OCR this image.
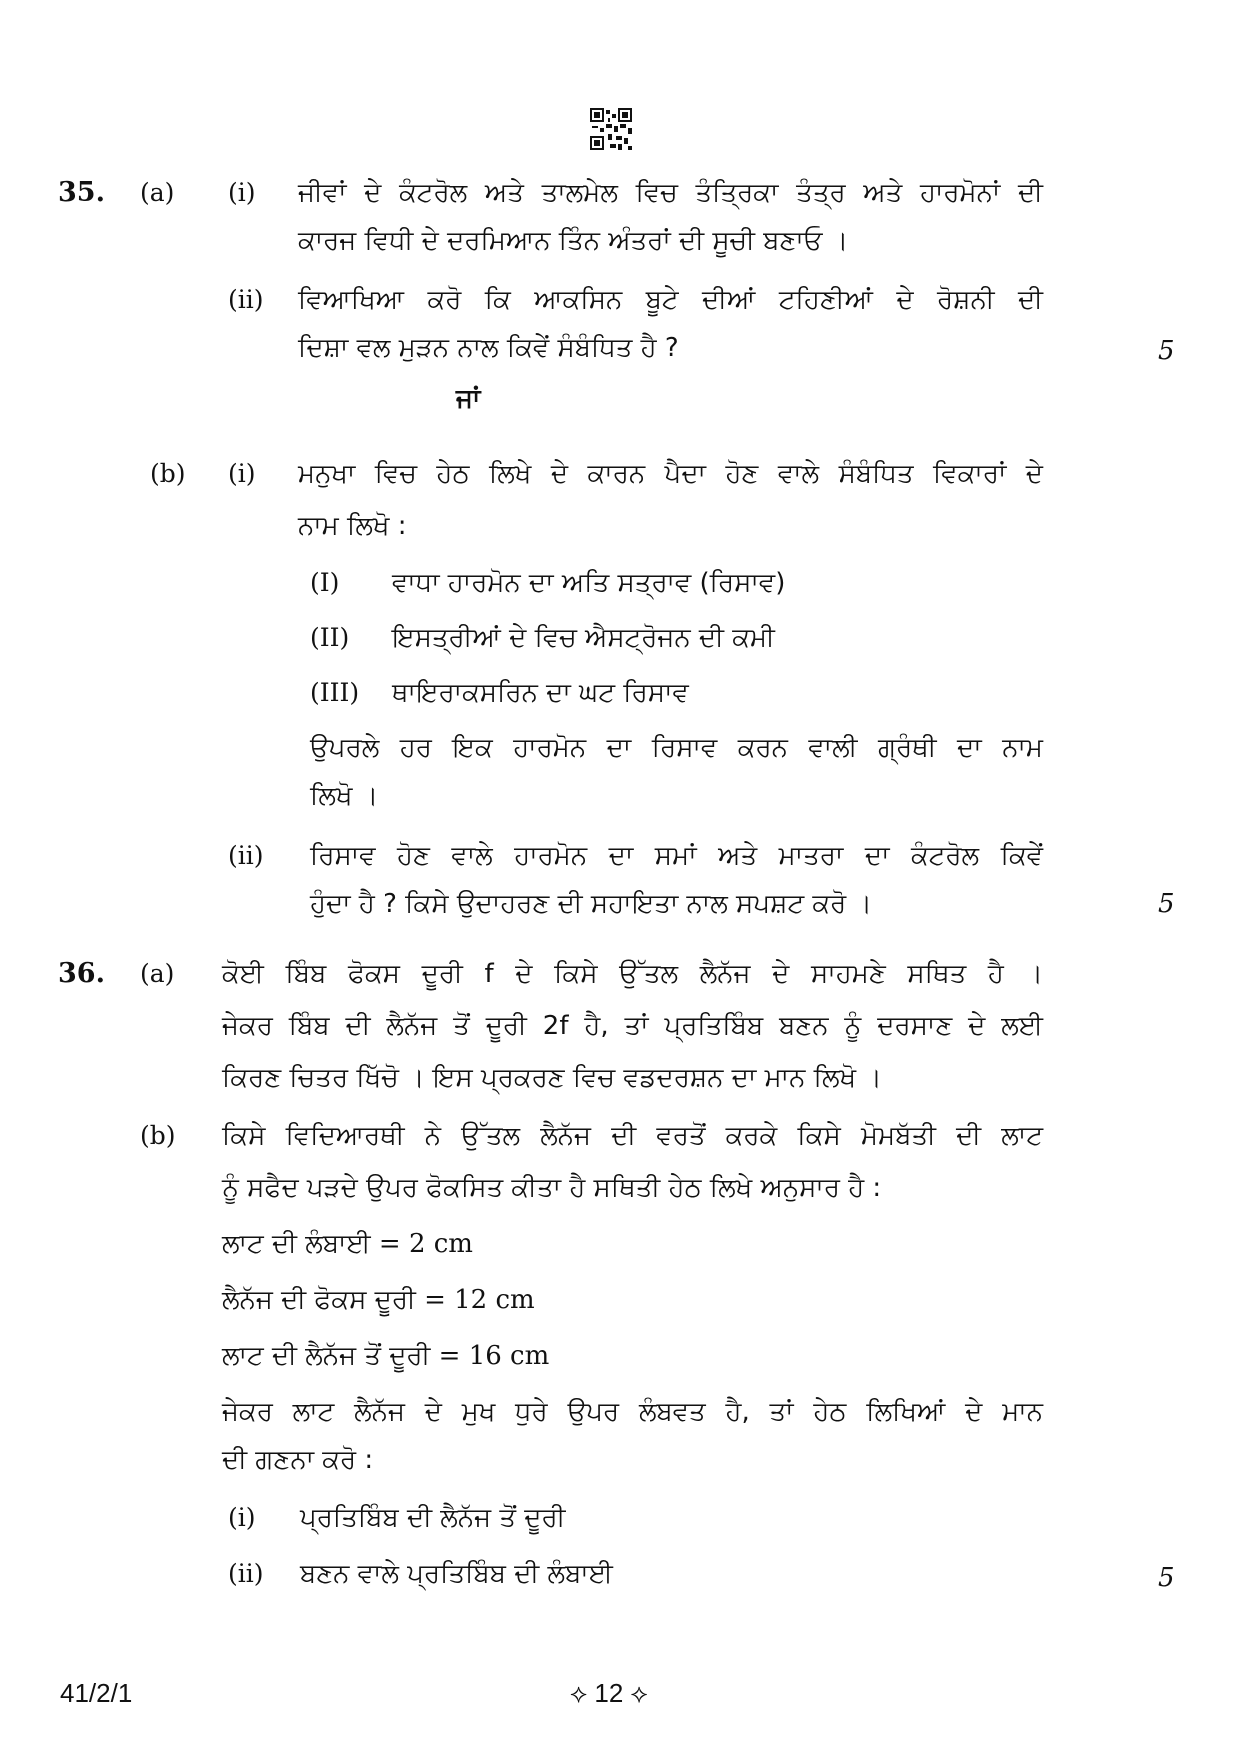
35. (a) (i) ਜੀਵਾਂ ਦੇ ਕੰਟਰੋਲ ਅਤੇ ਤਾਲਮੇਲ ਵਿਚ ਤੰਤ੍ਰਿਕਾ ਤੰਤ੍ਰ ਅਤੇ ਹਾਰਮੋਨਾਂ ਦੀ
ਕਾਰਜ ਵਿਧੀ ਦੇ ਦਰਮਿਆਨ ਤਿੰਨ ਅੰਤਰਾਂ ਦੀ ਸੂਚੀ ਬਣਾਓ ।
(ii) ਵਿਆਖਿਆ ਕਰੋ ਕਿ ਆਕਸਿਨ ਬੂਟੇ ਦੀਆਂ ਟਹਿਣੀਆਂ ਦੇ ਰੋਸ਼ਨੀ ਦੀ
ਦਿਸ਼ਾ ਵਲ ਮੁੜਨ ਨਾਲ ਕਿਵੇਂ ਸੰਬੰਧਿਤ ਹੈ ?	5
ਜਾਂ
(b) (i) ਮਨੁਖਾ ਵਿਚ ਹੇਠ ਲਿਖੇ ਦੇ ਕਾਰਨ ਪੈਦਾ ਹੋਣ ਵਾਲੇ ਸੰਬੰਧਿਤ ਵਿਕਾਰਾਂ ਦੇ
ਨਾਮ ਲਿਖੋ :
(I) ਵਾਧਾ ਹਾਰਮੋਨ ਦਾ ਅਤਿ ਸਤ੍ਰਾਵ (ਰਿਸਾਵ)
(II) ਇਸਤ੍ਰੀਆਂ ਦੇ ਵਿਚ ਐਸਟ੍ਰੋਜਨ ਦੀ ਕਮੀ
(III) ਥਾਇਰਾਕਸਰਿਨ ਦਾ ਘਟ ਰਿਸਾਵ
ਉਪਰਲੇ ਹਰ ਇਕ ਹਾਰਮੋਨ ਦਾ ਰਿਸਾਵ ਕਰਨ ਵਾਲੀ ਗ੍ਰੰਥੀ ਦਾ ਨਾਮ
ਲਿਖੋ ।
(ii) ਰਿਸਾਵ ਹੋਣ ਵਾਲੇ ਹਾਰਮੋਨ ਦਾ ਸਮਾਂ ਅਤੇ ਮਾਤਰਾ ਦਾ ਕੰਟਰੋਲ ਕਿਵੇਂ
ਹੁੰਦਾ ਹੈ ? ਕਿਸੇ ਉਦਾਹਰਣ ਦੀ ਸਹਾਇਤਾ ਨਾਲ ਸਪਸ਼ਟ ਕਰੋ ।	5
36. (a) ਕੋਈ ਬਿੰਬ ਫੋਕਸ ਦੂਰੀ f ਦੇ ਕਿਸੇ ਉੱਤਲ ਲੈਨੱਜ ਦੇ ਸਾਹਮਣੇ ਸਥਿਤ ਹੈ ।
ਜੇਕਰ ਬਿੰਬ ਦੀ ਲੈਨੱਜ ਤੋਂ ਦੂਰੀ 2f ਹੈ, ਤਾਂ ਪ੍ਰਤਿਬਿੰਬ ਬਣਨ ਨੂੰ ਦਰਸਾਣ ਦੇ ਲਈ
ਕਿਰਣ ਚਿਤਰ ਖਿੱਚੋ । ਇਸ ਪ੍ਰਕਰਣ ਵਿਚ ਵਡਦਰਸ਼ਨ ਦਾ ਮਾਨ ਲਿਖੋ ।
(b) ਕਿਸੇ ਵਿਦਿਆਰਥੀ ਨੇ ਉੱਤਲ ਲੈਨੱਜ ਦੀ ਵਰਤੋਂ ਕਰਕੇ ਕਿਸੇ ਮੋਮਬੱਤੀ ਦੀ ਲਾਟ
ਨੂੰ ਸਫੈਦ ਪੜਦੇ ਉਪਰ ਫੋਕਸਿਤ ਕੀਤਾ ਹੈ ਸਥਿਤੀ ਹੇਠ ਲਿਖੇ ਅਨੁਸਾਰ ਹੈ :
ਲਾਟ ਦੀ ਲੰਬਾਈ = 2 cm
ਲੈਨੱਜ ਦੀ ਫੋਕਸ ਦੂਰੀ = 12 cm
ਲਾਟ ਦੀ ਲੈਨੱਜ ਤੋਂ ਦੂਰੀ = 16 cm
ਜੇਕਰ ਲਾਟ ਲੈਨੱਜ ਦੇ ਮੁਖ ਧੁਰੇ ਉਪਰ ਲੰਬਵਤ ਹੈ, ਤਾਂ ਹੇਠ ਲਿਖਿਆਂ ਦੇ ਮਾਨ
ਦੀ ਗਣਨਾ ਕਰੋ :
(i) ਪ੍ਰਤਿਬਿੰਬ ਦੀ ਲੈਨੱਜ ਤੋਂ ਦੂਰੀ
(ii) ਬਣਨ ਵਾਲੇ ਪ੍ਰਤਿਬਿੰਬ ਦੀ ਲੰਬਾਈ	5
41/2/1	⟡ 12 ⟡
